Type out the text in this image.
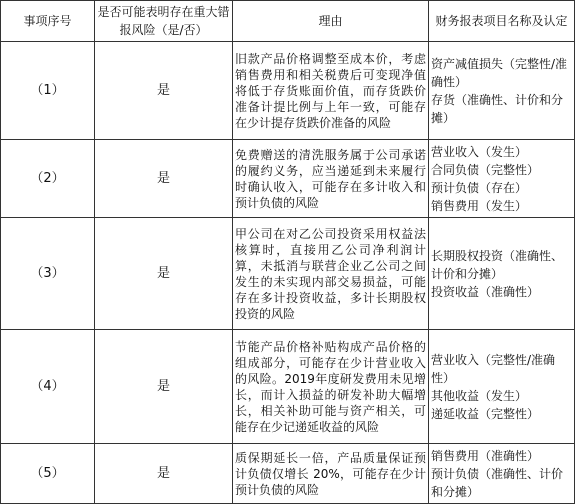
事项序号	是否可能表明存在重大错报风险（是/否）	理由	财务报表项目名称及认定
（1）	是	旧款产品价格调整至成本价，考虑销售费用和相关税费后可变现净值将低于存货账面价值，而存货跌价准备计提比例与上年一致，可能存在少计提存货跌价准备的风险	资产减值损失（完整性/准确性）
存货（准确性、计价和分摊）

（2）	是	免费赠送的清洗服务属于公司承诺的履约义务，应当递延到未来履行时确认收入，可能存在多计收入和预计负债的风险	营业收入（发生）
合同负债（完整性）
预计负债（存在）
销售费用（发生）

（3）	是	甲公司在对乙公司投资采用权益法核算时，直接用乙公司净利润计算，未抵消与联营企业乙公司之间发生的未实现内部交易损益，可能存在多计投资收益，多计长期股权投资的风险	长期股权投资（准确性、计价和分摊）
投资收益（准确性）

（4）	是	节能产品价格补贴构成产品价格的组成部分，可能存在少计营业收入的风险。2019年度研发费用未见增长，而计入损益的研发补助大幅增长，相关补助可能与资产相关，可能存在少记递延收益的风险	营业收入（完整性/准确性）
其他收益（发生）
递延收益（完整性）

（5）	是	质保期延长一倍，产品质量保证预计负债仅增长 20%，可能存在少计预计负债的风险	销售费用（准确性）
预计负债（准确性、计价和分摊）
